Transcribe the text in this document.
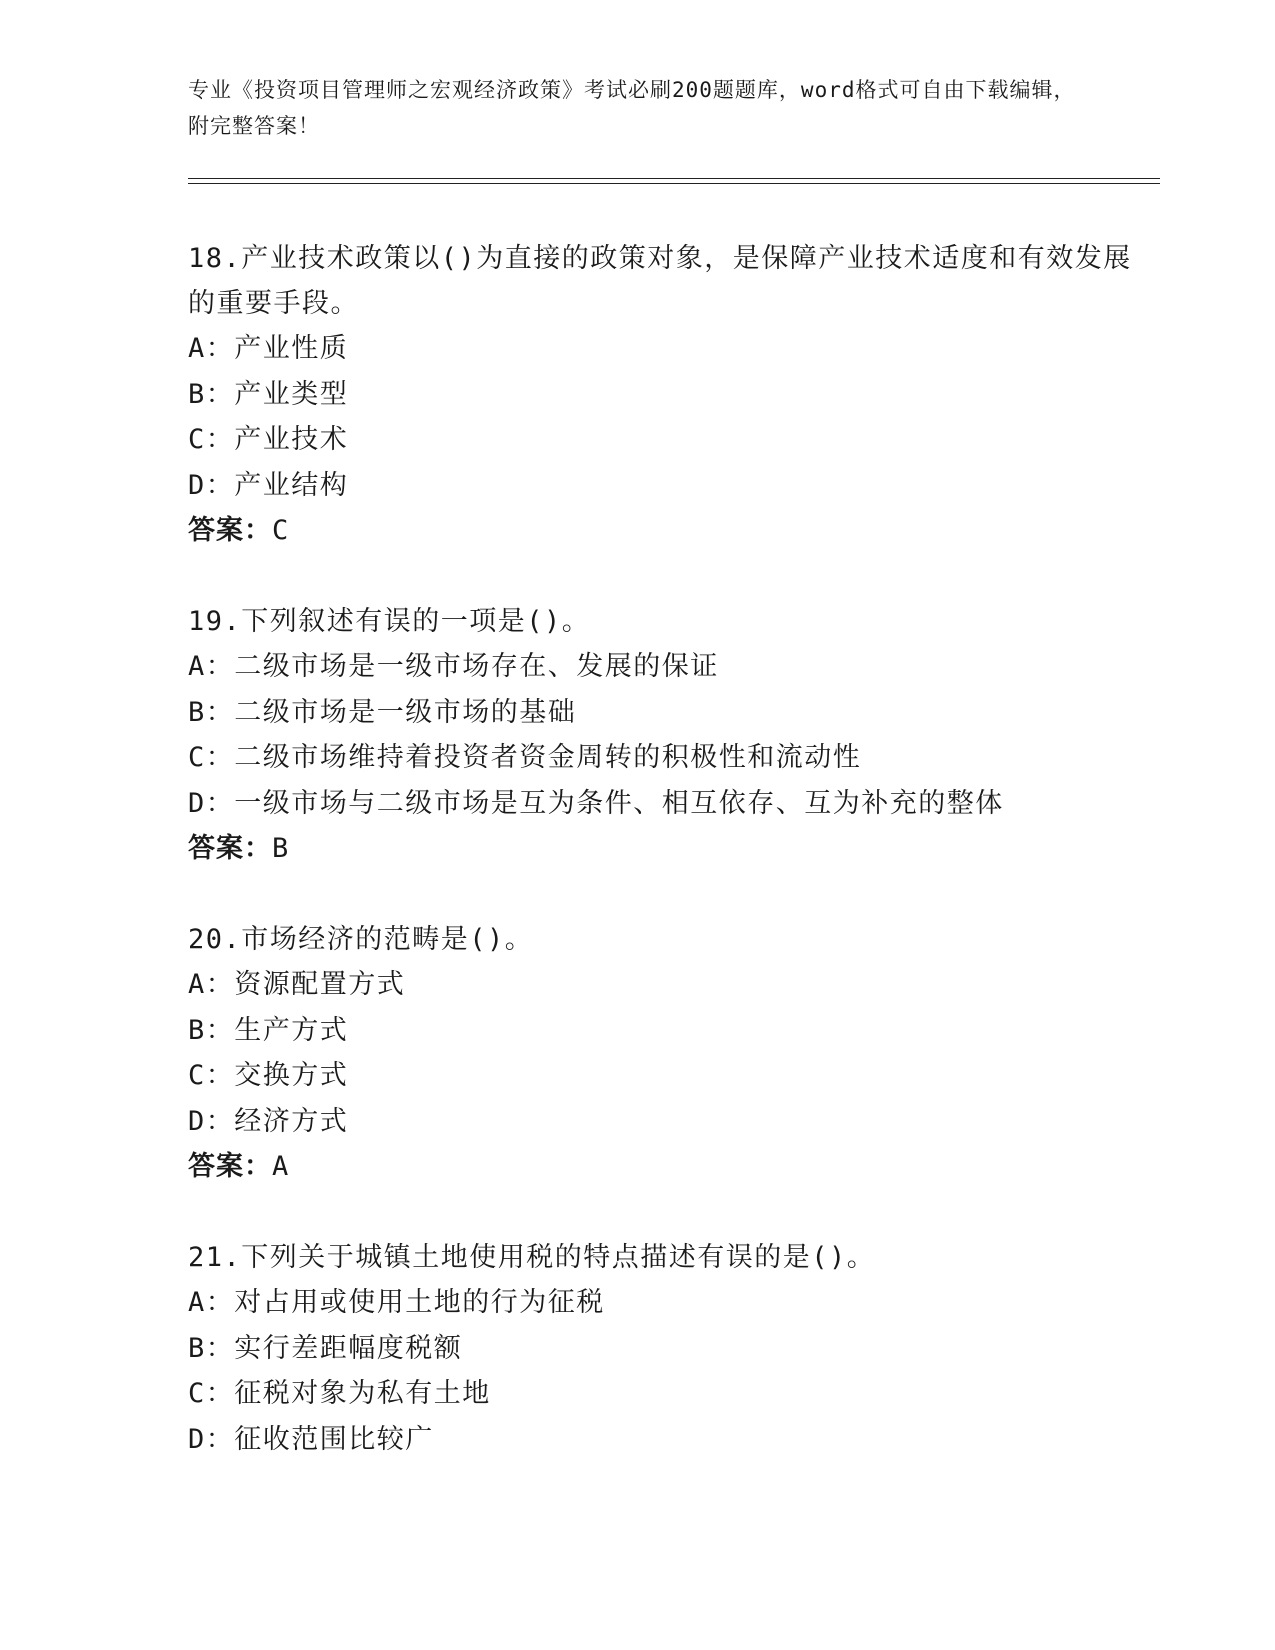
专业《投资项目管理师之宏观经济政策》考试必刷200题题库，word格式可自由下载编辑，附完整答案！

18.产业技术政策以()为直接的政策对象，是保障产业技术适度和有效发展的重要手段。

A：产业性质

B：产业类型

C：产业技术

D：产业结构

答案：C

19.下列叙述有误的一项是()。

A：二级市场是一级市场存在、发展的保证

B：二级市场是一级市场的基础

C：二级市场维持着投资者资金周转的积极性和流动性

D：一级市场与二级市场是互为条件、相互依存、互为补充的整体

答案：B

20.市场经济的范畴是()。

A：资源配置方式

B：生产方式

C：交换方式

D：经济方式

答案：A

21.下列关于城镇土地使用税的特点描述有误的是()。

A：对占用或使用土地的行为征税

B：实行差距幅度税额

C：征税对象为私有土地

D：征收范围比较广
